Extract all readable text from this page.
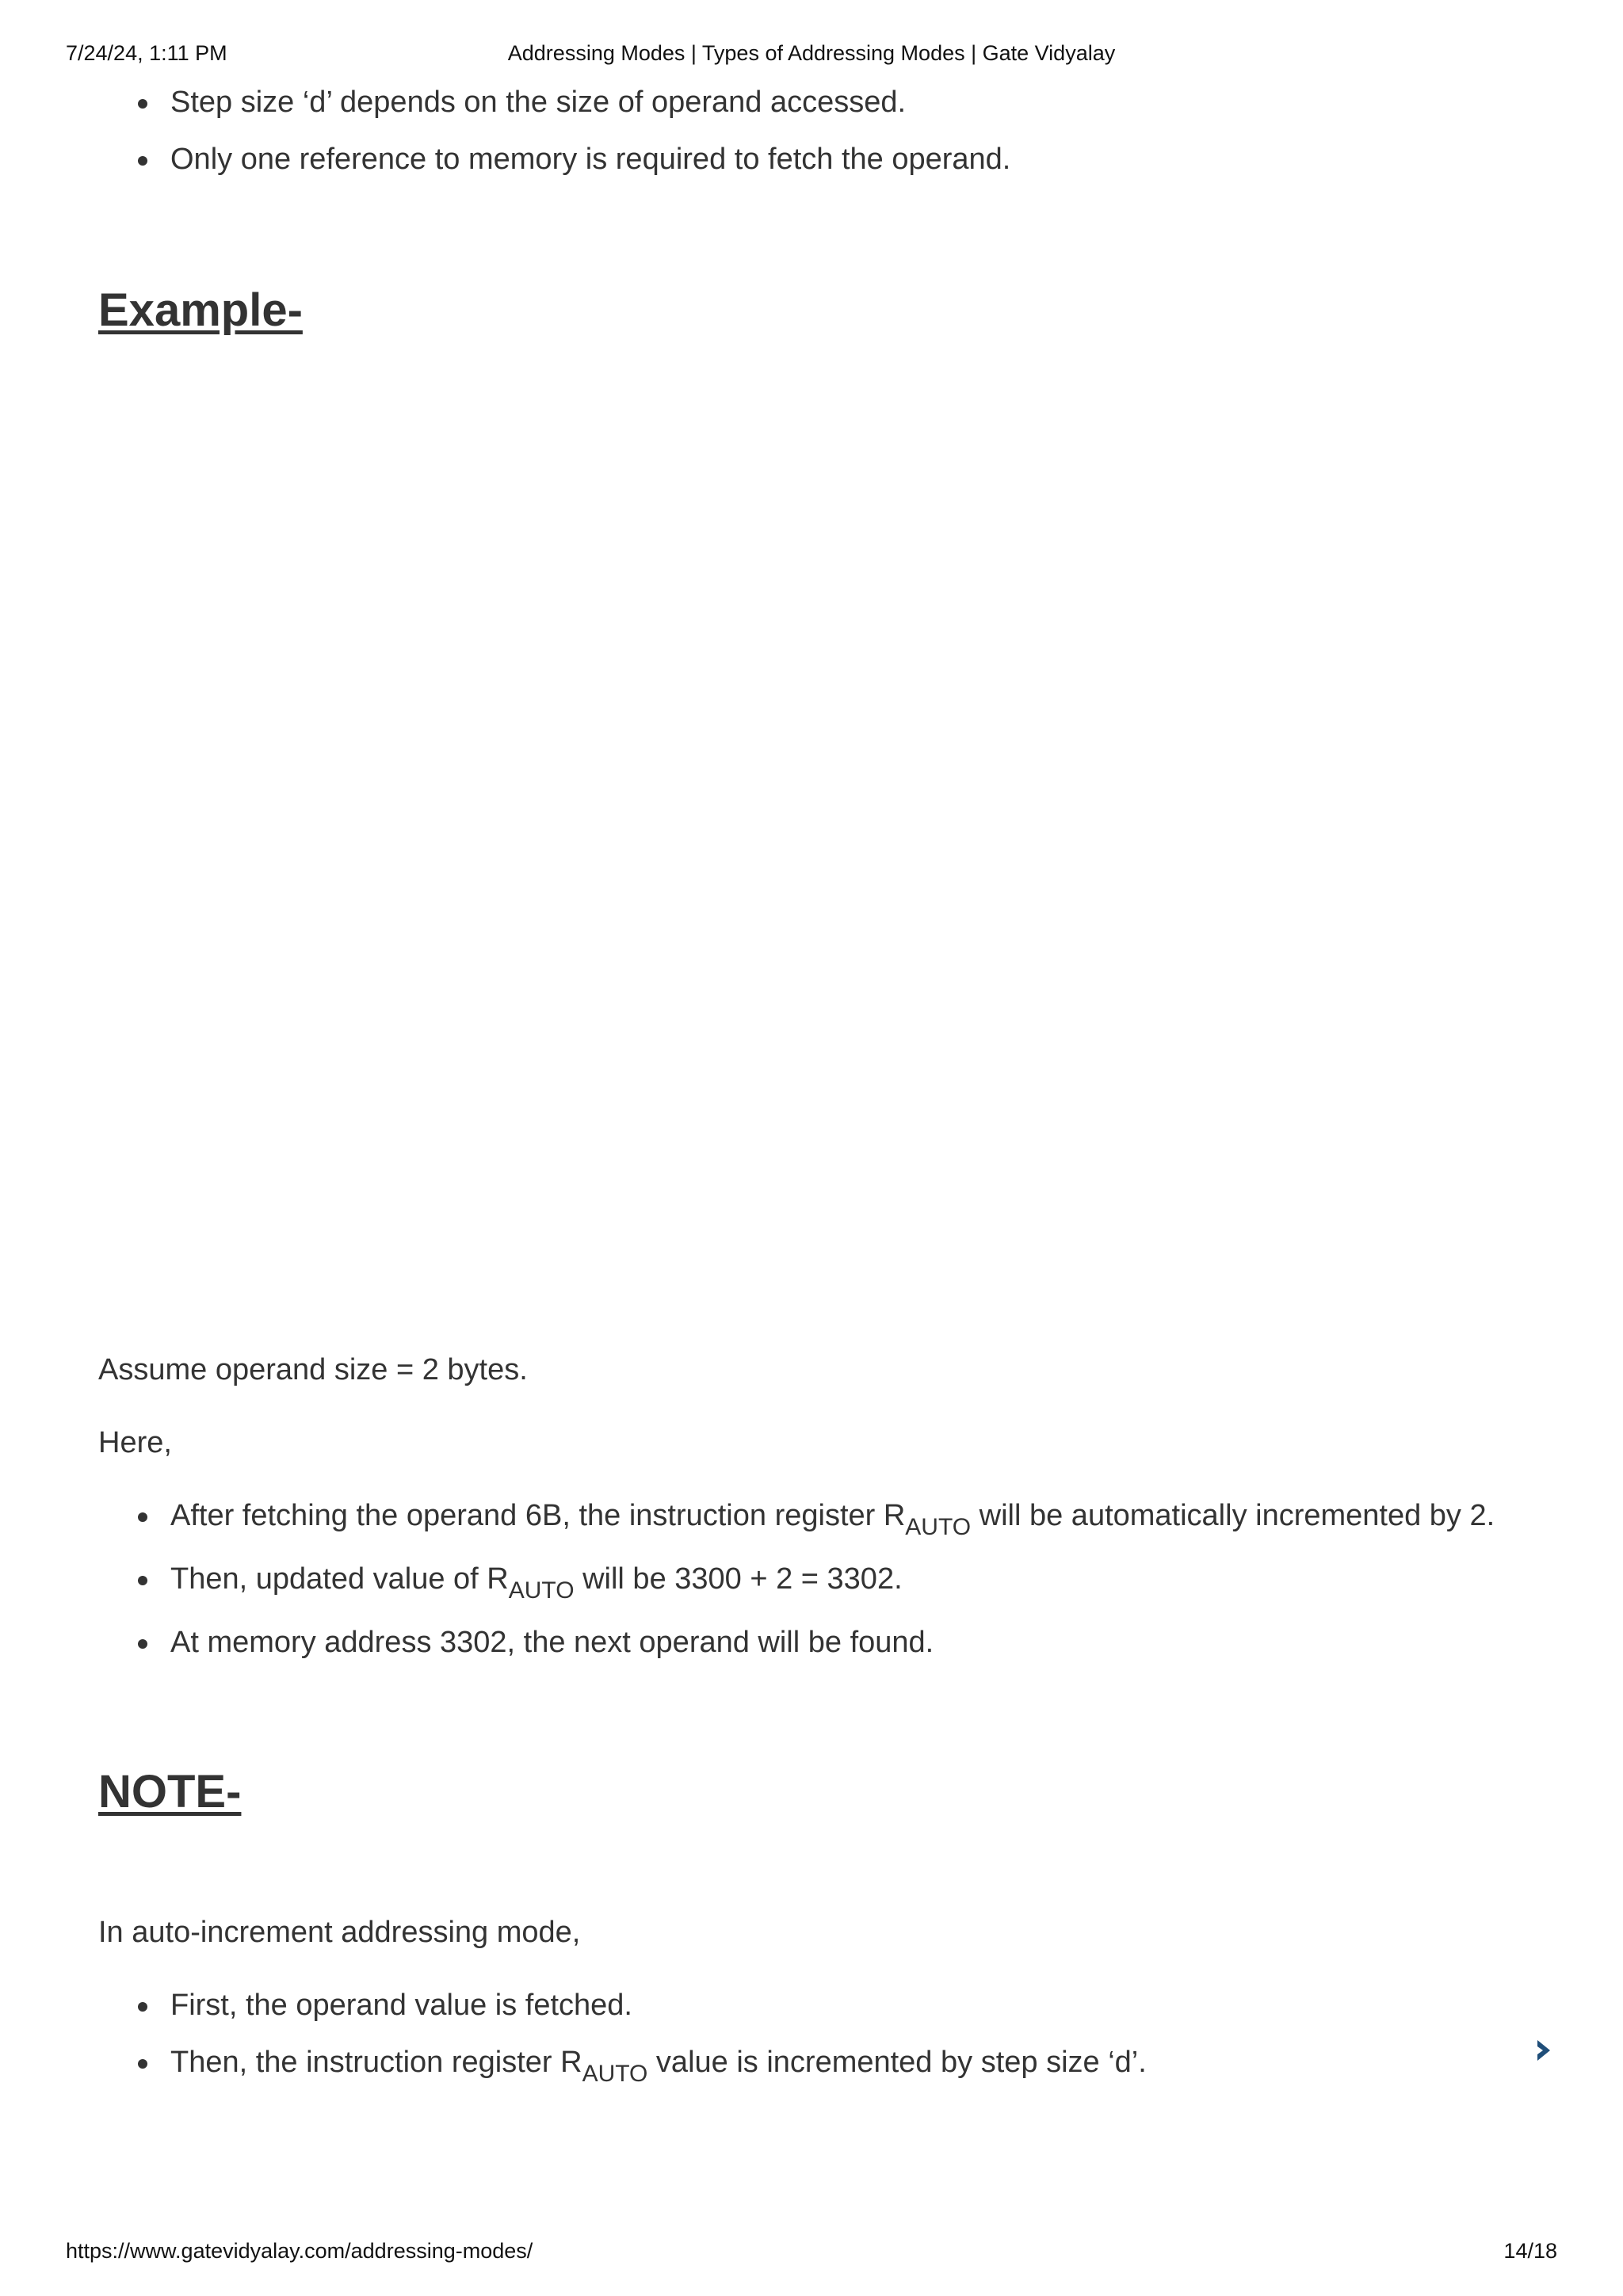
7/24/24, 1:11 PM	Addressing Modes | Types of Addressing Modes | Gate Vidyalay
Step size ‘d’ depends on the size of operand accessed.
Only one reference to memory is required to fetch the operand.
Example-

Assume operand size = 2 bytes.

Here,

After fetching the operand 6B, the instruction register $R_{AUTO}$ will be automatically incremented by 2.
Then, updated value of $R_{AUTO}$ will be 3300 + 2 = 3302.
At memory address 3302, the next operand will be found.
NOTE-

In auto-increment addressing mode,

First, the operand value is fetched.
Then, the instruction register $R_{AUTO}$ value is incremented by step size ‘d’.
https://www.gatevidyalay.com/addressing-modes/	14/18
